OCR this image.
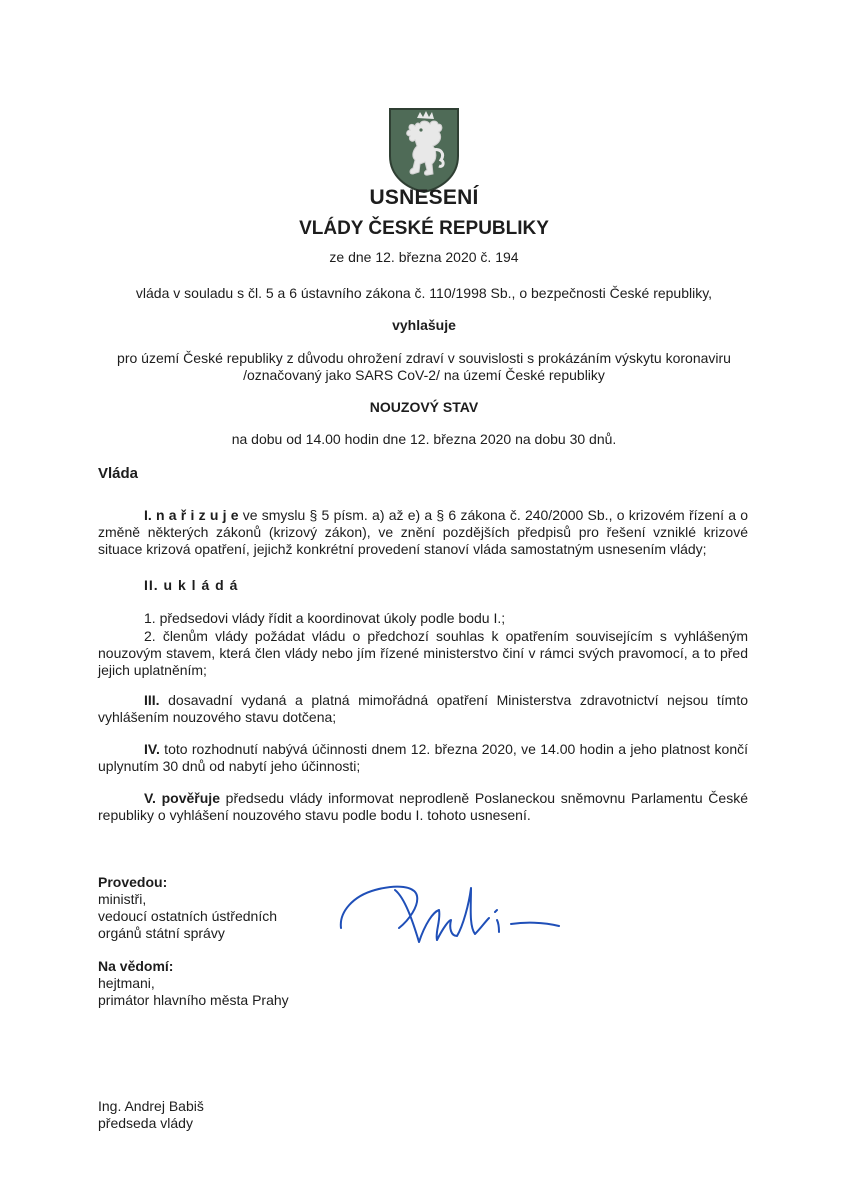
USNESENÍ
VLÁDY ČESKÉ REPUBLIKY
ze dne 12. března 2020 č. 194
vláda v souladu s čl. 5 a 6 ústavního zákona č. 110/1998 Sb., o bezpečnosti České republiky,
vyhlašuje
pro území České republiky z důvodu ohrožení zdraví v souvislosti s prokázáním výskytu koronaviru
/označovaný jako SARS CoV-2/ na území České republiky
NOUZOVÝ STAV
na dobu od 14.00 hodin dne 12. března 2020 na dobu 30 dnů.
Vláda
I. n a ř i z u j e ve smyslu § 5 písm. a) až e) a § 6 zákona č. 240/2000 Sb., o krizovém řízení a o změně některých zákonů (krizový zákon), ve znění pozdějších předpisů pro řešení vzniklé krizové situace krizová opatření, jejichž konkrétní provedení stanoví vláda samostatným usnesením vlády;
II. u k l á d á
1. předsedovi vlády řídit a koordinovat úkoly podle bodu I.;
2. členům vlády požádat vládu o předchozí souhlas k opatřením souvisejícím s vyhlášeným nouzovým stavem, která člen vlády nebo jím řízené ministerstvo činí v rámci svých pravomocí, a to před jejich uplatněním;
III. dosavadní vydaná a platná mimořádná opatření Ministerstva zdravotnictví nejsou tímto vyhlášením nouzového stavu dotčena;
IV. toto rozhodnutí nabývá účinnosti dnem 12. března 2020, ve 14.00 hodin a jeho platnost končí uplynutím 30 dnů od nabytí jeho účinnosti;
V. pověřuje předsedu vlády informovat neprodleně Poslaneckou sněmovnu Parlamentu České republiky o vyhlášení nouzového stavu podle bodu I. tohoto usnesení.
Provedou:
ministři,
vedoucí ostatních ústředních
orgánů státní správy
Na vědomí:
hejtmani,
primátor hlavního města Prahy
Ing. Andrej Babiš
předseda vlády
